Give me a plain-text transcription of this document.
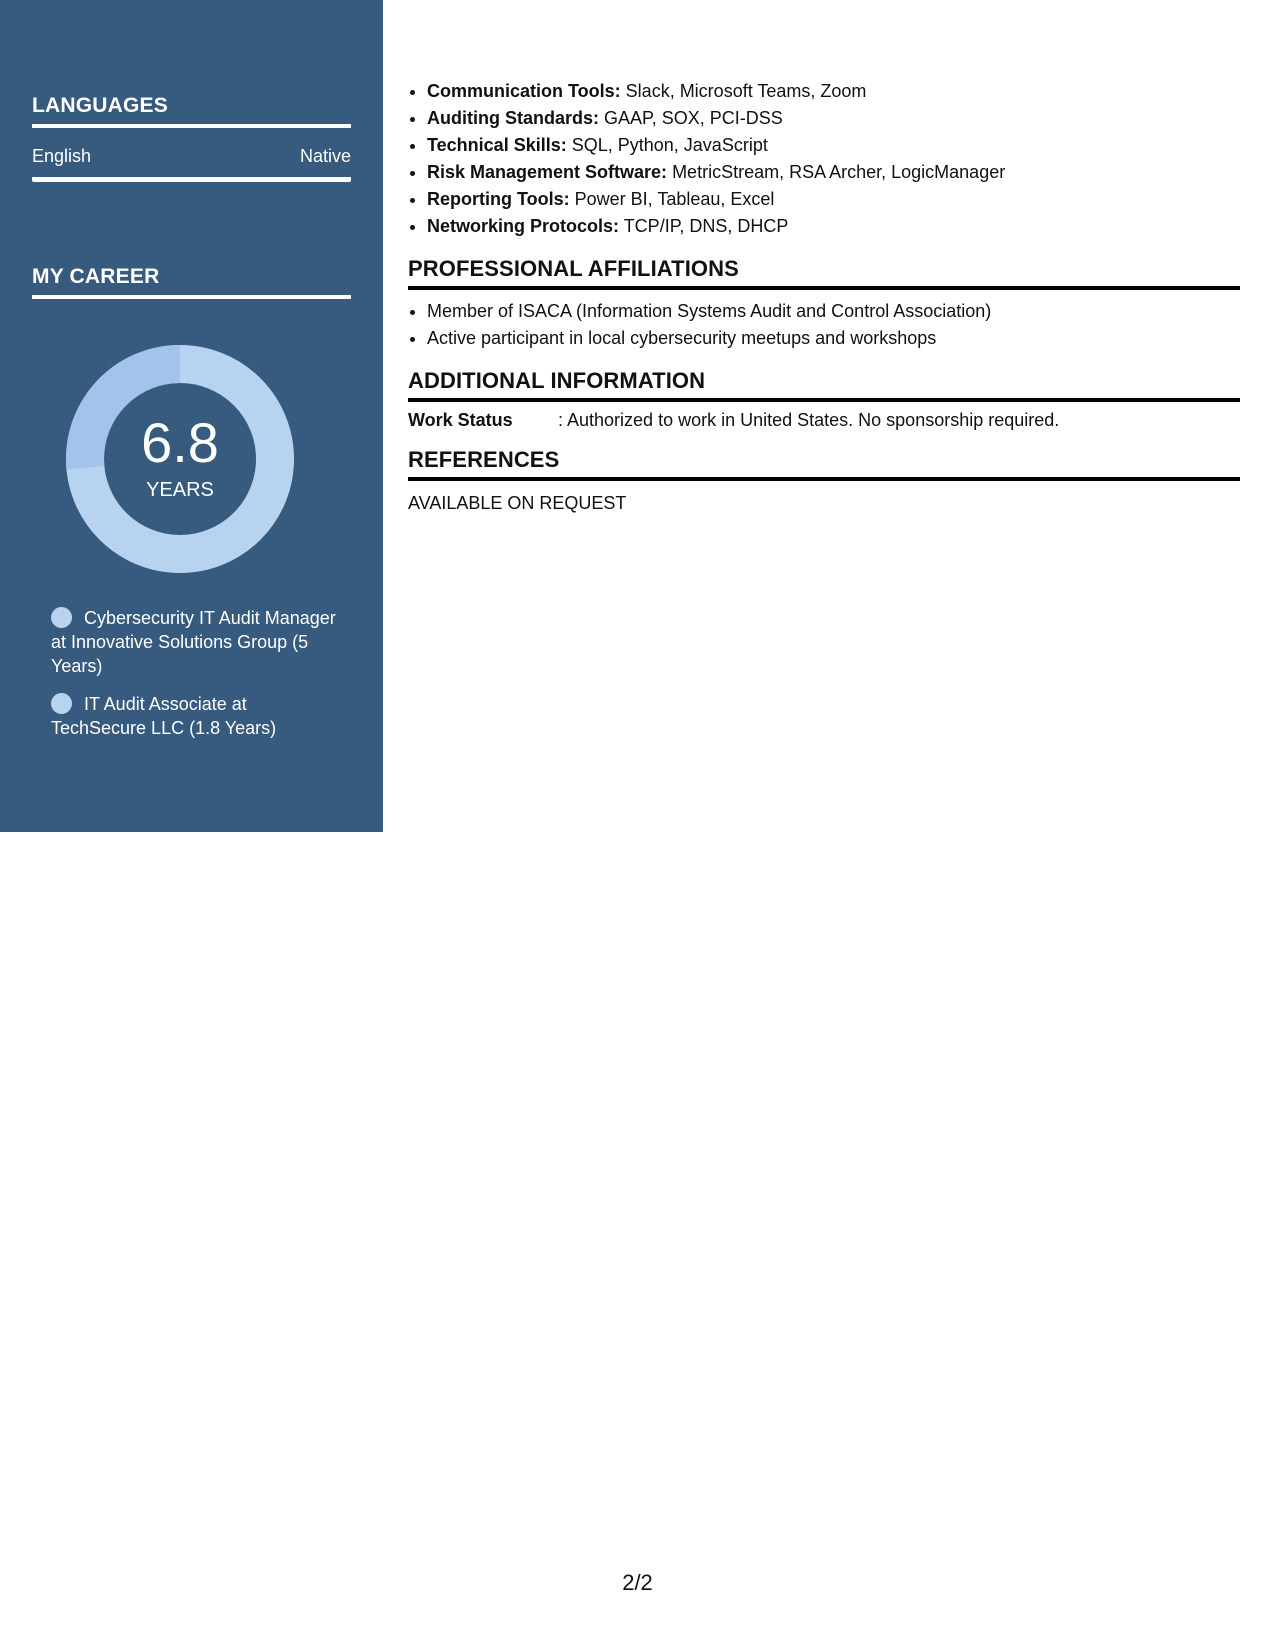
LANGUAGES
English	Native
MY CAREER
6.8
YEARS
Cybersecurity IT Audit Manager at Innovative Solutions Group (5 Years)
IT Audit Associate at TechSecure LLC (1.8 Years)
• Communication Tools: Slack, Microsoft Teams, Zoom
• Auditing Standards: GAAP, SOX, PCI-DSS
• Technical Skills: SQL, Python, JavaScript
• Risk Management Software: MetricStream, RSA Archer, LogicManager
• Reporting Tools: Power BI, Tableau, Excel
• Networking Protocols: TCP/IP, DNS, DHCP
PROFESSIONAL AFFILIATIONS
• Member of ISACA (Information Systems Audit and Control Association)
• Active participant in local cybersecurity meetups and workshops
ADDITIONAL INFORMATION
Work Status	: Authorized to work in United States. No sponsorship required.
REFERENCES
AVAILABLE ON REQUEST
2/2
